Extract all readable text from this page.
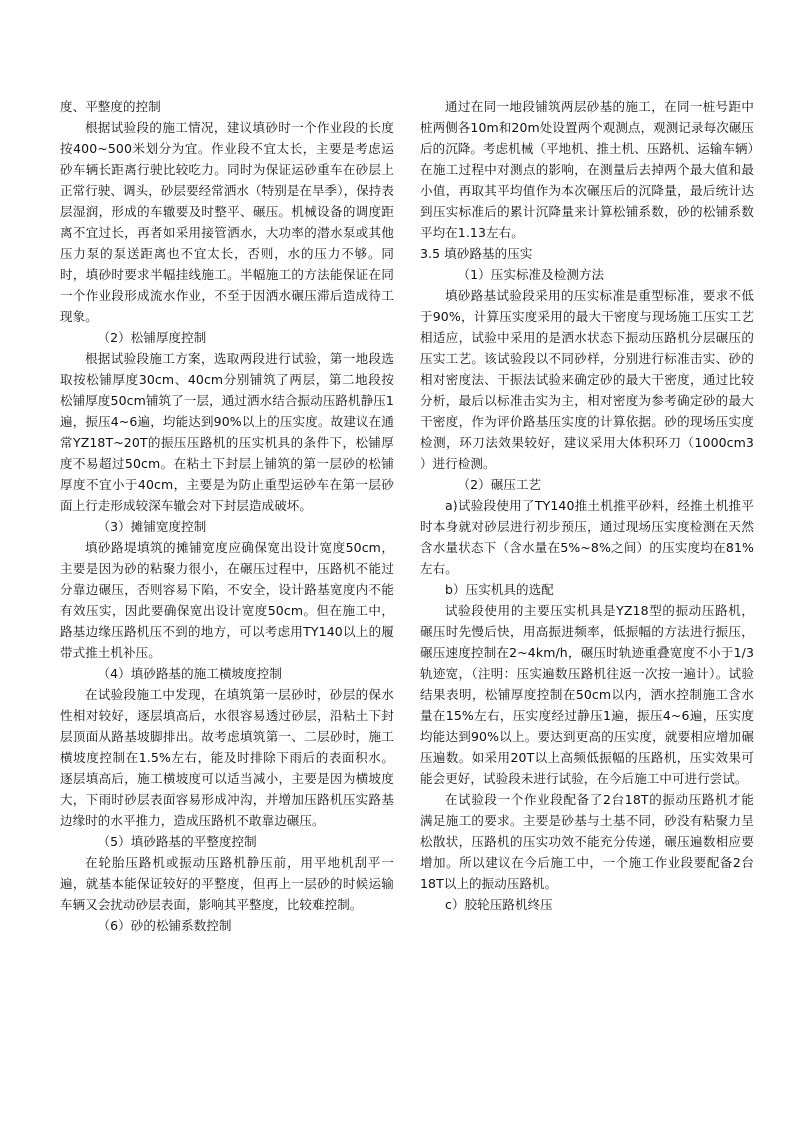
度、平整度的控制

根据试验段的施工情况，建议填砂时一个作业段的长度按400~500米划分为宜。作业段不宜太长，主要是考虑运砂车辆长距离行驶比较吃力。同时为保证运砂重车在砂层上正常行驶、调头，砂层要经常洒水（特别是在旱季），保持表层湿润，形成的车辙要及时整平、碾压。机械设备的调度距离不宜过长，再者如采用接管洒水，大功率的潜水泵或其他压力泵的泵送距离也不宜太长，否则，水的压力不够。同时，填砂时要求半幅挂线施工。半幅施工的方法能保证在同一个作业段形成流水作业，不至于因洒水碾压滞后造成待工现象。

（2）松铺厚度控制

根据试验段施工方案，选取两段进行试验，第一地段选取按松铺厚度30cm、40cm分别铺筑了两层，第二地段按松铺厚度50cm铺筑了一层，通过洒水结合振动压路机静压1遍，振压4~6遍，均能达到90%以上的压实度。故建议在通常YZ18T~20T的振压压路机的压实机具的条件下，松铺厚度不易超过50cm。在粘土下封层上铺筑的第一层砂的松铺厚度不宜小于40cm，主要是为防止重型运砂车在第一层砂面上行走形成较深车辙会对下封层造成破坏。

（3）摊铺宽度控制

填砂路堤填筑的摊铺宽度应确保宽出设计宽度50cm，主要是因为砂的粘聚力很小，在碾压过程中，压路机不能过分靠边碾压，否则容易下陷，不安全，设计路基宽度内不能有效压实，因此要确保宽出设计宽度50cm。但在施工中，路基边缘压路机压不到的地方，可以考虑用TY140以上的履带式推土机补压。

（4）填砂路基的施工横坡度控制

在试验段施工中发现，在填筑第一层砂时，砂层的保水性相对较好，逐层填高后，水很容易透过砂层，沿粘土下封层顶面从路基坡脚排出。故考虑填筑第一、二层砂时，施工横坡度控制在1.5%左右，能及时排除下雨后的表面积水。逐层填高后，施工横坡度可以适当减小，主要是因为横坡度大，下雨时砂层表面容易形成冲沟，并增加压路机压实路基边缘时的水平推力，造成压路机不敢靠边碾压。

（5）填砂路基的平整度控制

在轮胎压路机或振动压路机静压前，用平地机刮平一遍，就基本能保证较好的平整度，但再上一层砂的时候运输车辆又会扰动砂层表面，影响其平整度，比较难控制。

（6）砂的松铺系数控制

通过在同一地段铺筑两层砂基的施工，在同一桩号距中桩两侧各10m和20m处设置两个观测点，观测记录每次碾压后的沉降。考虑机械（平地机、推土机、压路机、运输车辆）在施工过程中对测点的影响，在测量后去掉两个最大值和最小值，再取其平均值作为本次碾压后的沉降量，最后统计达到压实标准后的累计沉降量来计算松铺系数，砂的松铺系数平均在1.13左右。

3.5 填砂路基的压实

（1）压实标准及检测方法

填砂路基试验段采用的压实标准是重型标准，要求不低于90%，计算压实度采用的最大干密度与现场施工压实工艺相适应，试验中采用的是洒水状态下振动压路机分层碾压的压实工艺。该试验段以不同砂样，分别进行标准击实、砂的相对密度法、干振法试验来确定砂的最大干密度，通过比较分析，最后以标准击实为主，相对密度为参考确定砂的最大干密度，作为评价路基压实度的计算依据。砂的现场压实度检测，环刀法效果较好，建议采用大体积环刀（1000cm3 ）进行检测。

（2）碾压工艺

a)试验段使用了TY140推土机推平砂料，经推土机推平时本身就对砂层进行初步预压，通过现场压实度检测在天然含水量状态下（含水量在5%~8%之间）的压实度均在81%左右。

b）压实机具的选配

试验段使用的主要压实机具是YZ18型的振动压路机，碾压时先慢后快，用高振进频率，低振幅的方法进行振压，碾压速度控制在2~4km/h，碾压时轨迹重叠宽度不小于1/3轨迹宽，（注明：压实遍数压路机往返一次按一遍计）。试验结果表明，松铺厚度控制在50cm以内，洒水控制施工含水量在15%左右，压实度经过静压1遍，振压4~6遍，压实度均能达到90%以上。要达到更高的压实度，就要相应增加碾压遍数。如采用20T以上高频低振幅的压路机，压实效果可能会更好，试验段未进行试验，在今后施工中可进行尝试。

在试验段一个作业段配备了2台18T的振动压路机才能满足施工的要求。主要是砂基与土基不同，砂没有粘聚力呈松散状，压路机的压实功效不能充分传递，碾压遍数相应要增加。所以建议在今后施工中，一个施工作业段要配备2台18T以上的振动压路机。

c）胶轮压路机终压
